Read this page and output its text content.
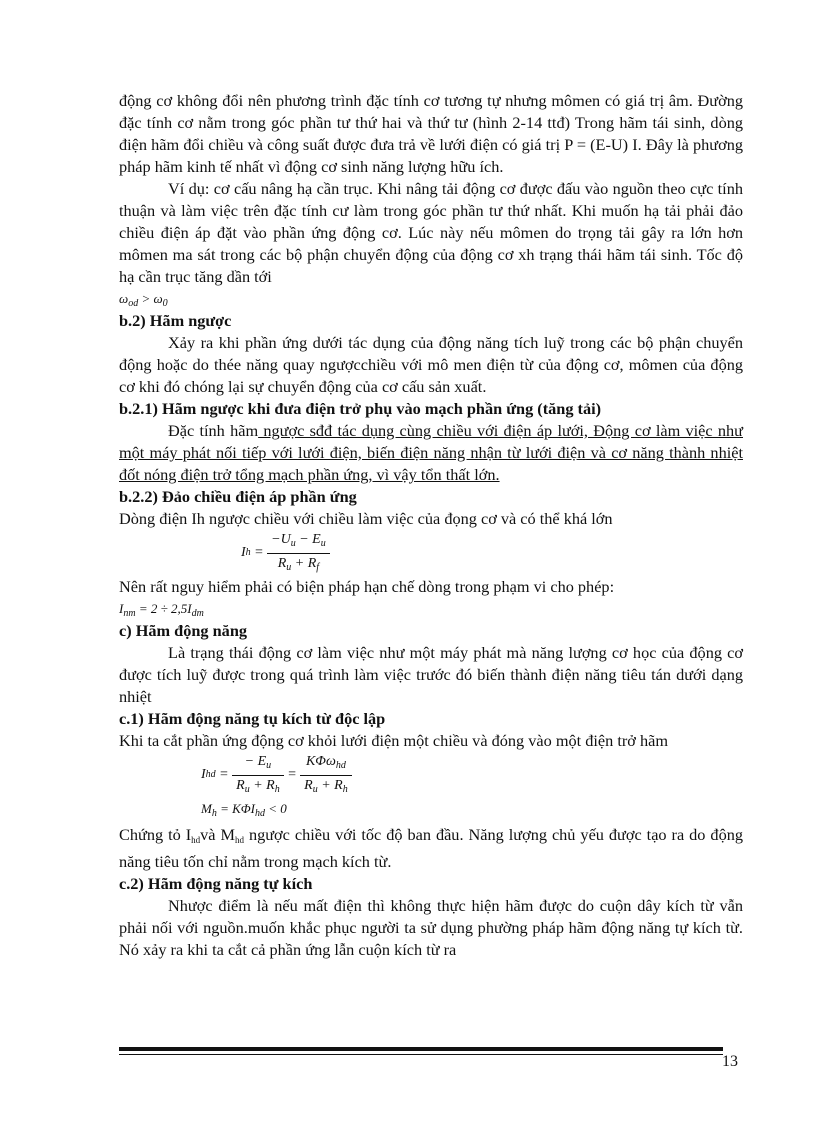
động cơ không đổi nên phương trình đặc tính cơ tương tự nhưng mômen có giá trị âm. Đường đặc tính cơ nằm trong góc phần tư thứ hai và thứ tư (hình 2-14 ttđ) Trong hãm tái sinh, dòng điện hãm đổi chiều và công suất được đưa trả về lưới điện có giá trị P = (E-U) I. Đây là phương pháp hãm kinh tế nhất vì động cơ sinh năng lượng hữu ích.

Ví dụ: cơ cấu nâng hạ cần trục. Khi nâng tải động cơ được đấu vào nguồn theo cực tính thuận và làm việc trên đặc tính cư làm trong góc phần tư thứ nhất. Khi muốn hạ tải phải đảo chiều điện áp đặt vào phần ứng động cơ. Lúc này nếu mômen do trọng tải gây ra lớn hơn mômen ma sát trong các bộ phận chuyển động của động cơ xh trạng thái hãm tái sinh. Tốc độ hạ cần trục tăng dần tới

$\omega_{od} > \omega_0$

b.2) Hãm ngược

Xảy ra khi phần ứng dưới tác dụng của động năng tích luỹ trong các bộ phận chuyển động hoặc do thée năng quay ngượcchiều với mô men điện từ của động cơ, mômen của động cơ khi đó chóng lại sự chuyển động của cơ cấu sản xuất.

b.2.1) Hãm ngược khi đưa điện trở phụ vào mạch phần ứng (tăng tải)

Đặc tính hãm ngược sđđ tác dụng cùng chiều với điện áp lưới, Động cơ làm việc như một máy phát nối tiếp với lưới điện, biến điện năng nhận từ lưới điện và cơ năng thành nhiệt đốt nóng điện trở tổng mạch phần ứng, vì vậy tổn thất lớn.

b.2.2) Đảo chiều điện áp phần ứng

Dòng điện Ih ngược chiều với chiều làm việc của đọng cơ và có thể khá lớn

I $h = \frac{-U_u - E_u}{R_u + R_f}$

Nên rất nguy hiểm phải có biện pháp hạn chế dòng trong phạm vi cho phép:

$I_{nm} = 2 \div 2,5I_{dm}$

c) Hãm động năng

Là trạng thái động cơ làm việc như một máy phát mà năng lượng cơ học của động cơ được tích luỹ được trong quá trình làm việc trước đó biến thành điện năng tiêu tán dưới dạng nhiệt

c.1) Hãm động năng tụ kích từ độc lập

Khi ta cắt phần ứng động cơ khỏi lưới điện một chiều và đóng vào một điện trở hãm

I hd = $\frac{- E_u}{R_u + R_h} = \frac{K\Phi\omega_{hd}}{R_u + R_h}$
$M_h = K\Phi I_{hd} < 0$

Chứng tỏ Ihdvà Mhd ngược chiều với tốc độ ban đầu. Năng lượng chủ yếu được tạo ra do động năng tiêu tốn chỉ nằm trong mạch kích từ.

c.2) Hãm động năng tự kích

Nhược điểm là nếu mất điện thì không thực hiện hãm được do cuộn dây kích từ vẫn phải nối với nguồn.muốn khắc phục người ta sử dụng phường pháp hãm động năng tự kích từ. Nó xảy ra khi ta cắt cả phần ứng lẫn cuộn kích từ ra

13
